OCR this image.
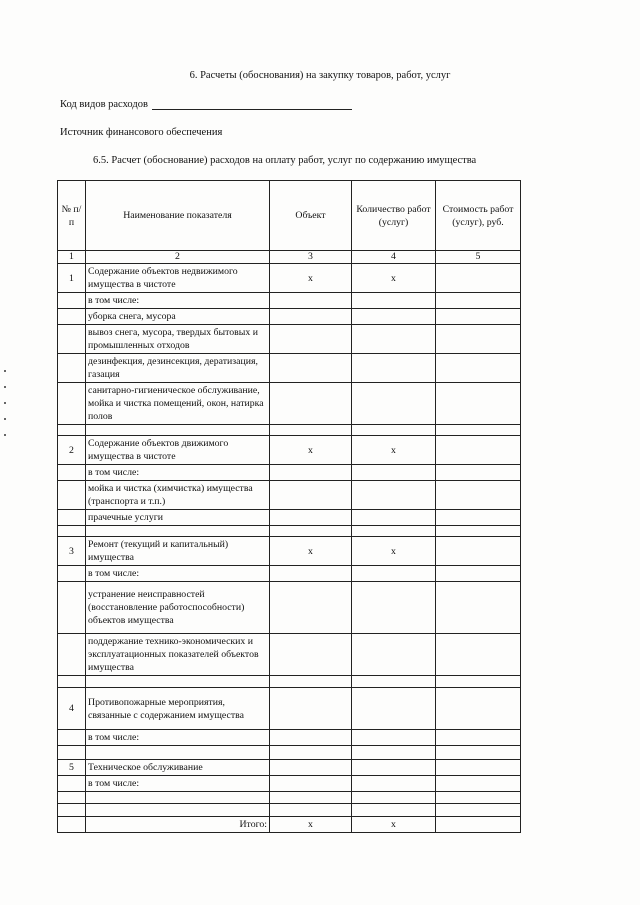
6. Расчеты (обоснования) на закупку товаров, работ, услуг
Код видов расходов
Источник финансового обеспечения
6.5. Расчет (обоснование) расходов на оплату работ, услуг по содержанию имущества
№ п/п	Наименование показателя	Объект	Количество работ (услуг)	Стоимость работ (услуг), руб.
1	2	3	4	5
1	Содержание объектов недвижимого имущества в чистоте	x	x	
	в том числе:			
	уборка снега, мусора			
	вывоз снега, мусора, твердых бытовых и промышленных отходов			
	дезинфекция, дезинсекция, дератизация, газация			
	санитарно-гигиеническое обслуживание, мойка и чистка помещений, окон, натирка полов			

2	Содержание объектов движимого имущества в чистоте	x	x	
	в том числе:			
	мойка и чистка (химчистка) имущества (транспорта и т.п.)			
	прачечные услуги			

3	Ремонт (текущий и капитальный) имущества	x	x	
	в том числе:			
	устранение неисправностей (восстановление работоспособности) объектов имущества			
	поддержание технико-экономических и эксплуатационных показателей объектов имущества			

4	Противопожарные мероприятия, связанные с содержанием имущества			
	в том числе:			

5	Техническое обслуживание			
	в том числе:			

	Итого:	x	x	
